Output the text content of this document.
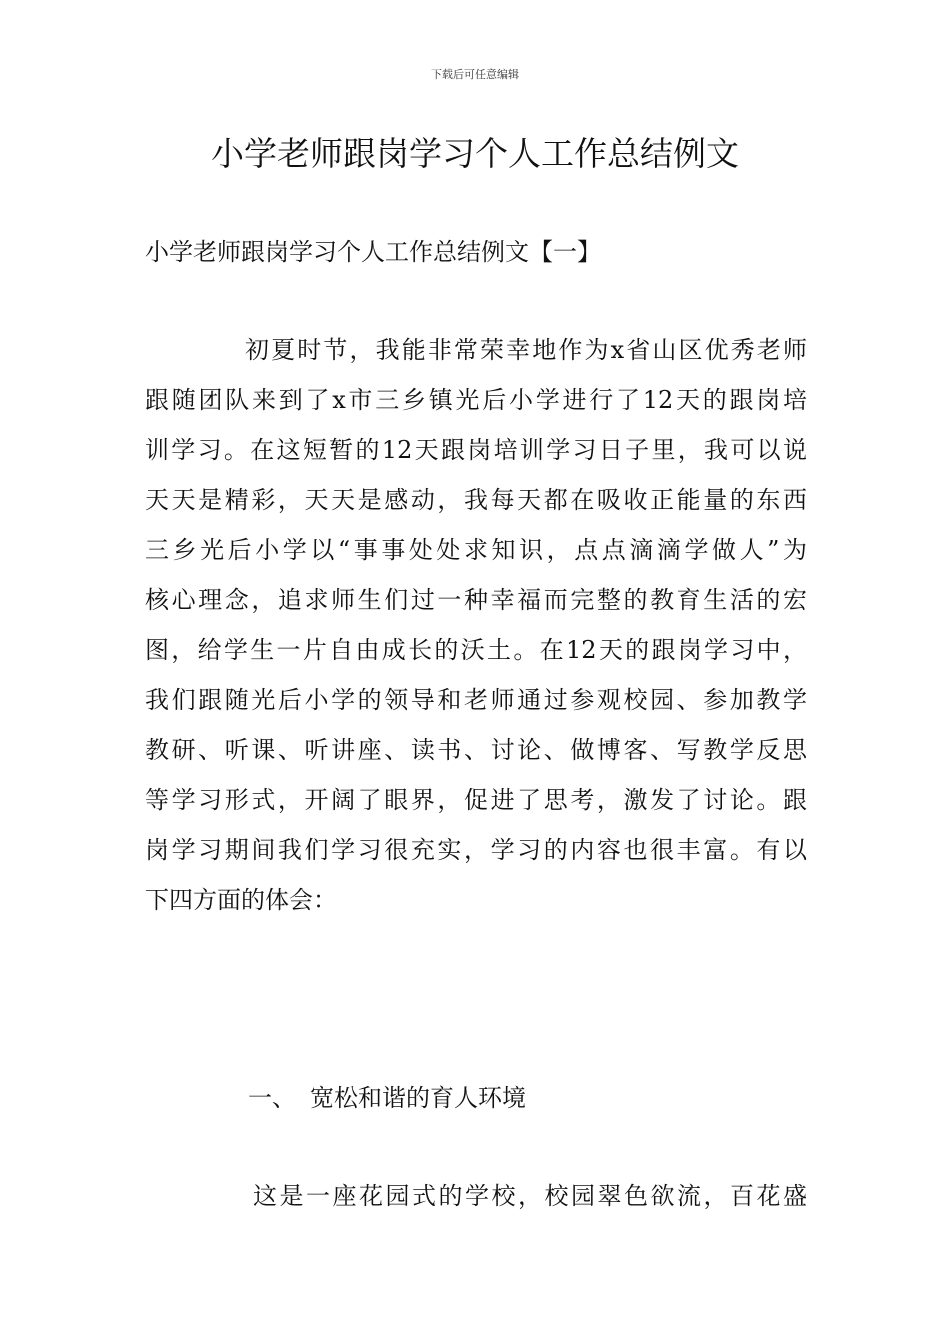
下载后可任意编辑
小学老师跟岗学习个人工作总结例文
小学老师跟岗学习个人工作总结例文【一】
初夏时节，我能非常荣幸地作为x省山区优秀老师
跟随团队来到了x市三乡镇光后小学进行了12天的跟岗培
训学习。在这短暂的12天跟岗培训学习日子里，我可以说
天天是精彩，天天是感动，我每天都在吸收正能量的东西
三乡光后小学以“事事处处求知识，点点滴滴学做人”为
核心理念，追求师生们过一种幸福而完整的教育生活的宏
图，给学生一片自由成长的沃土。在12天的跟岗学习中，
我们跟随光后小学的领导和老师通过参观校园、参加教学
教研、听课、听讲座、读书、讨论、做博客、写教学反思
等学习形式，开阔了眼界，促进了思考，激发了讨论。跟
岗学习期间我们学习很充实，学习的内容也很丰富。有以
下四方面的体会：
一、 宽松和谐的育人环境
这是一座花园式的学校，校园翠色欲流，百花盛
